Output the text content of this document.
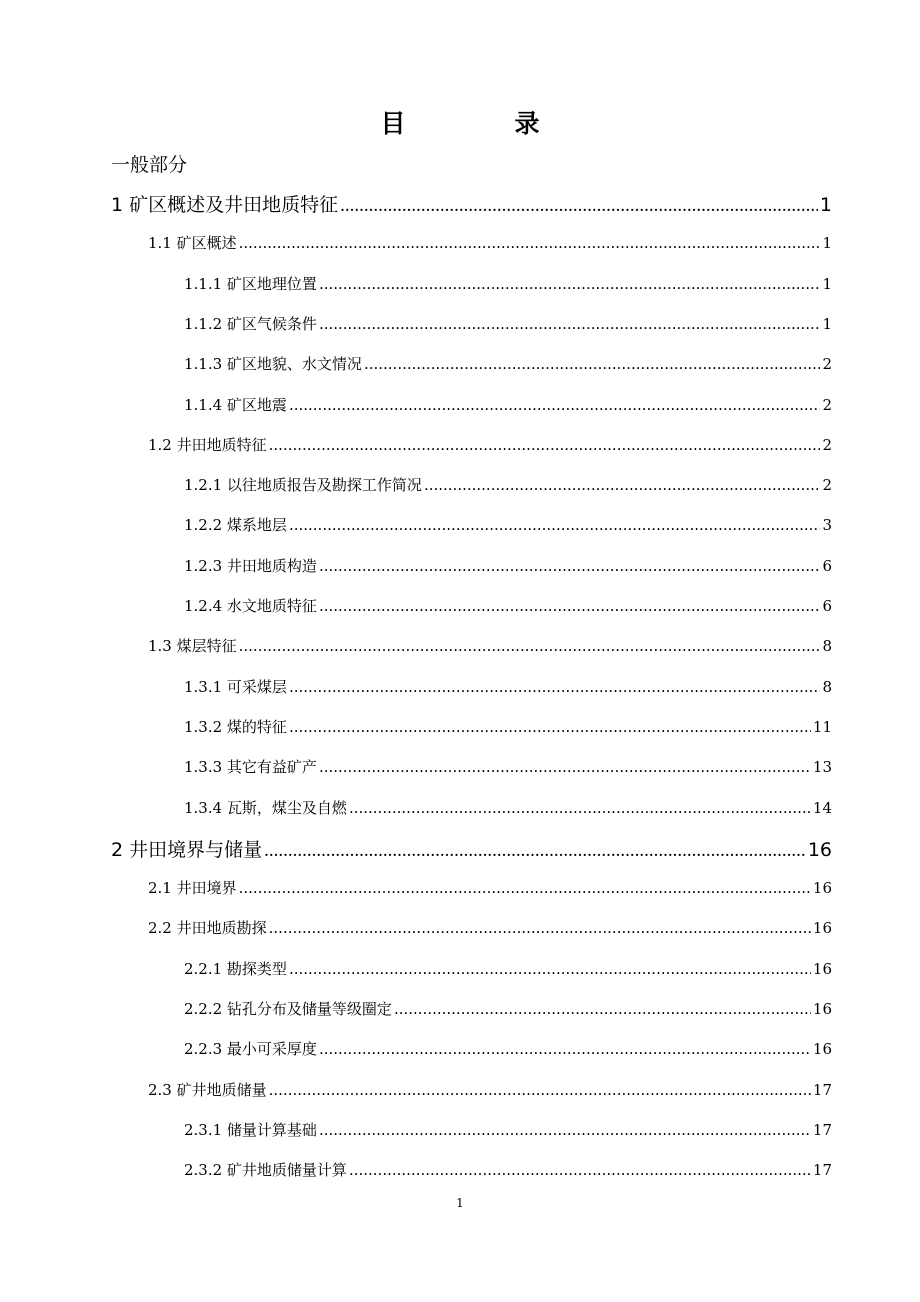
目　录
一般部分
1 矿区概述及井田地质特征 .....	1
1.1 矿区概述 .....	1
1.1.1 矿区地理位置 .....	1
1.1.2 矿区气候条件 .....	1
1.1.3 矿区地貌、水文情况 .....	2
1.1.4 矿区地震 .....	2
1.2 井田地质特征 .....	2
1.2.1 以往地质报告及勘探工作简况 .....	2
1.2.2 煤系地层 .....	3
1.2.3 井田地质构造 .....	6
1.2.4 水文地质特征 .....	6
1.3 煤层特征 .....	8
1.3.1 可采煤层 .....	8
1.3.2 煤的特征 .....	11
1.3.3 其它有益矿产 .....	13
1.3.4 瓦斯，煤尘及自燃 .....	14
2 井田境界与储量 .....	16
2.1 井田境界 .....	16
2.2 井田地质勘探 .....	16
2.2.1 勘探类型 .....	16
2.2.2 钻孔分布及储量等级圈定 .....	16
2.2.3 最小可采厚度 .....	16
2.3 矿井地质储量 .....	17
2.3.1 储量计算基础 .....	17
2.3.2 矿井地质储量计算 .....	17
1
